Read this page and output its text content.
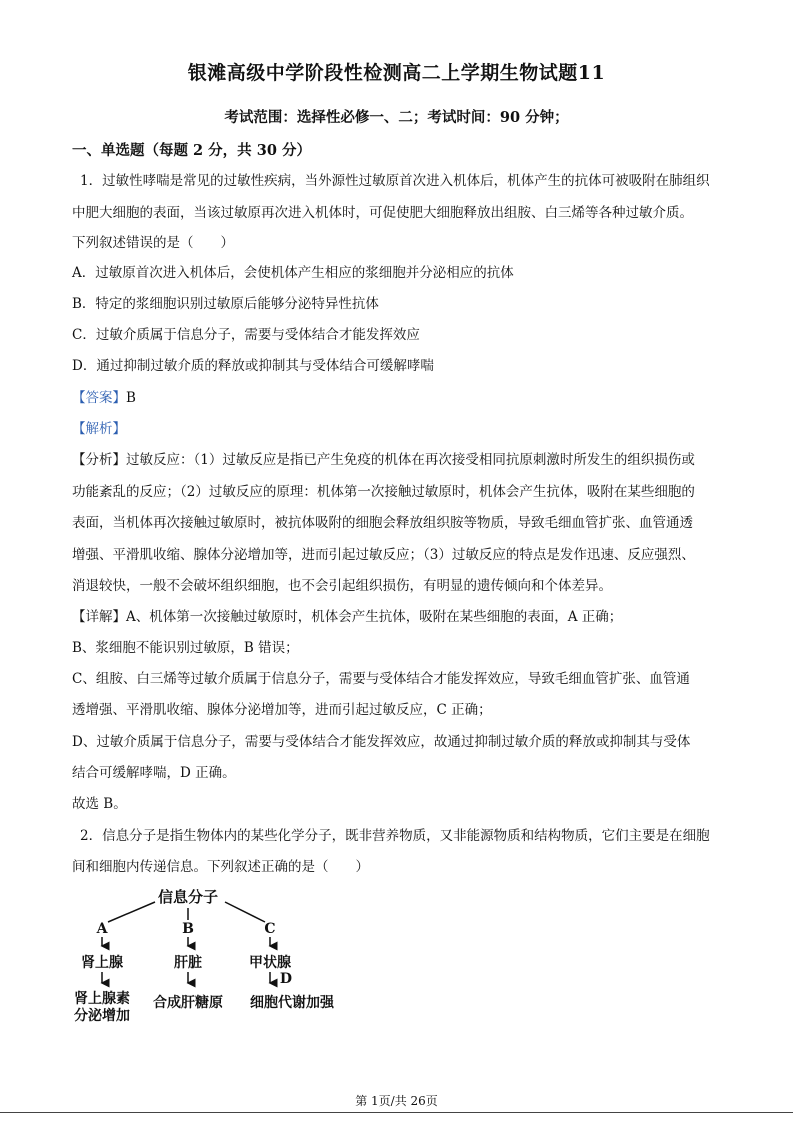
银滩高级中学阶段性检测高二上学期生物试题11
考试范围：选择性必修一、二；考试时间：90 分钟；
一、单选题（每题 2 分，共 30 分）
1．过敏性哮喘是常见的过敏性疾病，当外源性过敏原首次进入机体后，机体产生的抗体可被吸附在肺组织
中肥大细胞的表面，当该过敏原再次进入机体时，可促使肥大细胞释放出组胺、白三烯等各种过敏介质。
下列叙述错误的是（　　）
A．过敏原首次进入机体后，会使机体产生相应的浆细胞并分泌相应的抗体
B．特定的浆细胞识别过敏原后能够分泌特异性抗体
C．过敏介质属于信息分子，需要与受体结合才能发挥效应
D．通过抑制过敏介质的释放或抑制其与受体结合可缓解哮喘
【答案】B
【解析】
【分析】过敏反应：（1）过敏反应是指已产生免疫的机体在再次接受相同抗原刺激时所发生的组织损伤或
功能紊乱的反应；（2）过敏反应的原理：机体第一次接触过敏原时，机体会产生抗体，吸附在某些细胞的
表面，当机体再次接触过敏原时，被抗体吸附的细胞会释放组织胺等物质，导致毛细血管扩张、血管通透
增强、平滑肌收缩、腺体分泌增加等，进而引起过敏反应；（3）过敏反应的特点是发作迅速、反应强烈、
消退较快，一般不会破坏组织细胞，也不会引起组织损伤，有明显的遗传倾向和个体差异。
【详解】A、机体第一次接触过敏原时，机体会产生抗体，吸附在某些细胞的表面，A 正确；
B、浆细胞不能识别过敏原，B 错误；
C、组胺、白三烯等过敏介质属于信息分子，需要与受体结合才能发挥效应，导致毛细血管扩张、血管通
透增强、平滑肌收缩、腺体分泌增加等，进而引起过敏反应，C 正确；
D、过敏介质属于信息分子，需要与受体结合才能发挥效应，故通过抑制过敏介质的释放或抑制其与受体
结合可缓解哮喘，D 正确。
故选 B。
2．信息分子是指生物体内的某些化学分子，既非营养物质，又非能源物质和结构物质，它们主要是在细胞
间和细胞内传递信息。下列叙述正确的是（　　）
信息分子
A	B	C
肾上腺	肝脏	甲状腺
D
肾上腺素
分泌增加
合成肝糖原 细胞代谢加强
第 1页/共 26页
